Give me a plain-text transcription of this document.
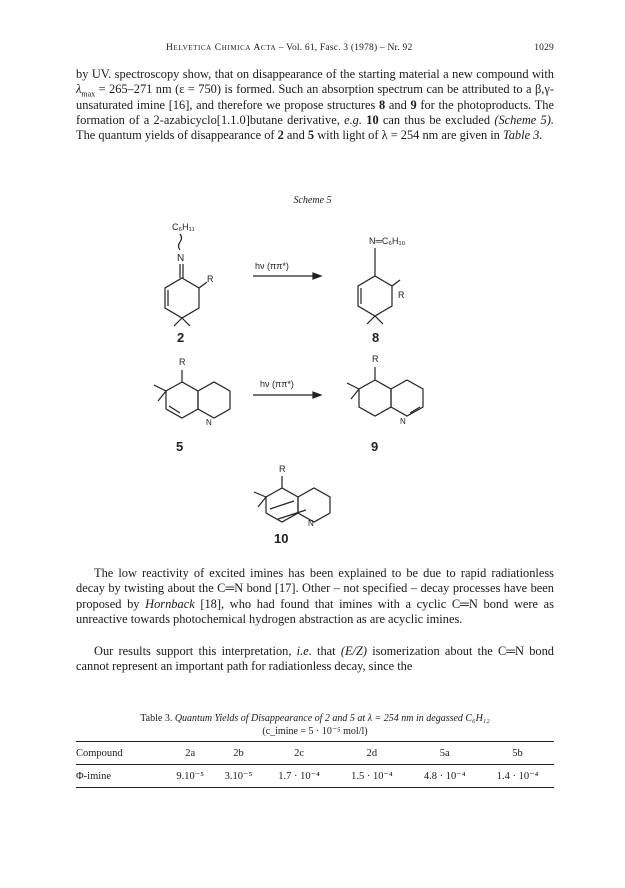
Helvetica Chimica Acta – Vol. 61, Fasc. 3 (1978) – Nr. 92	1029

by UV. spectroscopy show, that on disappearance of the starting material a new compound with $\lambda_{max} = 265-271$ nm (ε = 750) is formed. Such an absorption spectrum can be attributed to a β,γ-unsaturated imine [16], and therefore we propose structures 8 and 9 for the photoproducts. The formation of a 2-azabicyclo[1.1.0]butane derivative, e.g. 10 can thus be excluded (Scheme 5). The quantum yields of disappearance of 2 and 5 with light of λ = 254 nm are given in Table 3.

Scheme 5
C₆H₁₁
N
R
2
hν (ππ*)
N═C₆H₁₀
R
8
R
N
5
hν (ππ*)
R
N
9
R
N
10

The low reactivity of excited imines has been explained to be due to rapid radiationless decay by twisting about the C═N bond [17]. Other – not specified – decay processes have been proposed by Hornback [18], who had found that imines with a cyclic C═N bond were as unreactive towards photochemical hydrogen abstraction as are acyclic imines.

Our results support this interpretation, i.e. that (E/Z) isomerization about the C═N bond cannot represent an important path for radiationless decay, since the

Table 3. Quantum Yields of Disappearance of 2 and 5 at λ = 254 nm in degassed C₆H₁₂
(c_imine = 5 · 10⁻⁵ mol/l)
Compound	2a	2b	2c	2d	5a	5b
Φ-imine	9.10⁻⁵	3.10⁻⁵	1.7 · 10⁻⁴	1.5 · 10⁻⁴	4.8 · 10⁻⁴	1.4 · 10⁻⁴
